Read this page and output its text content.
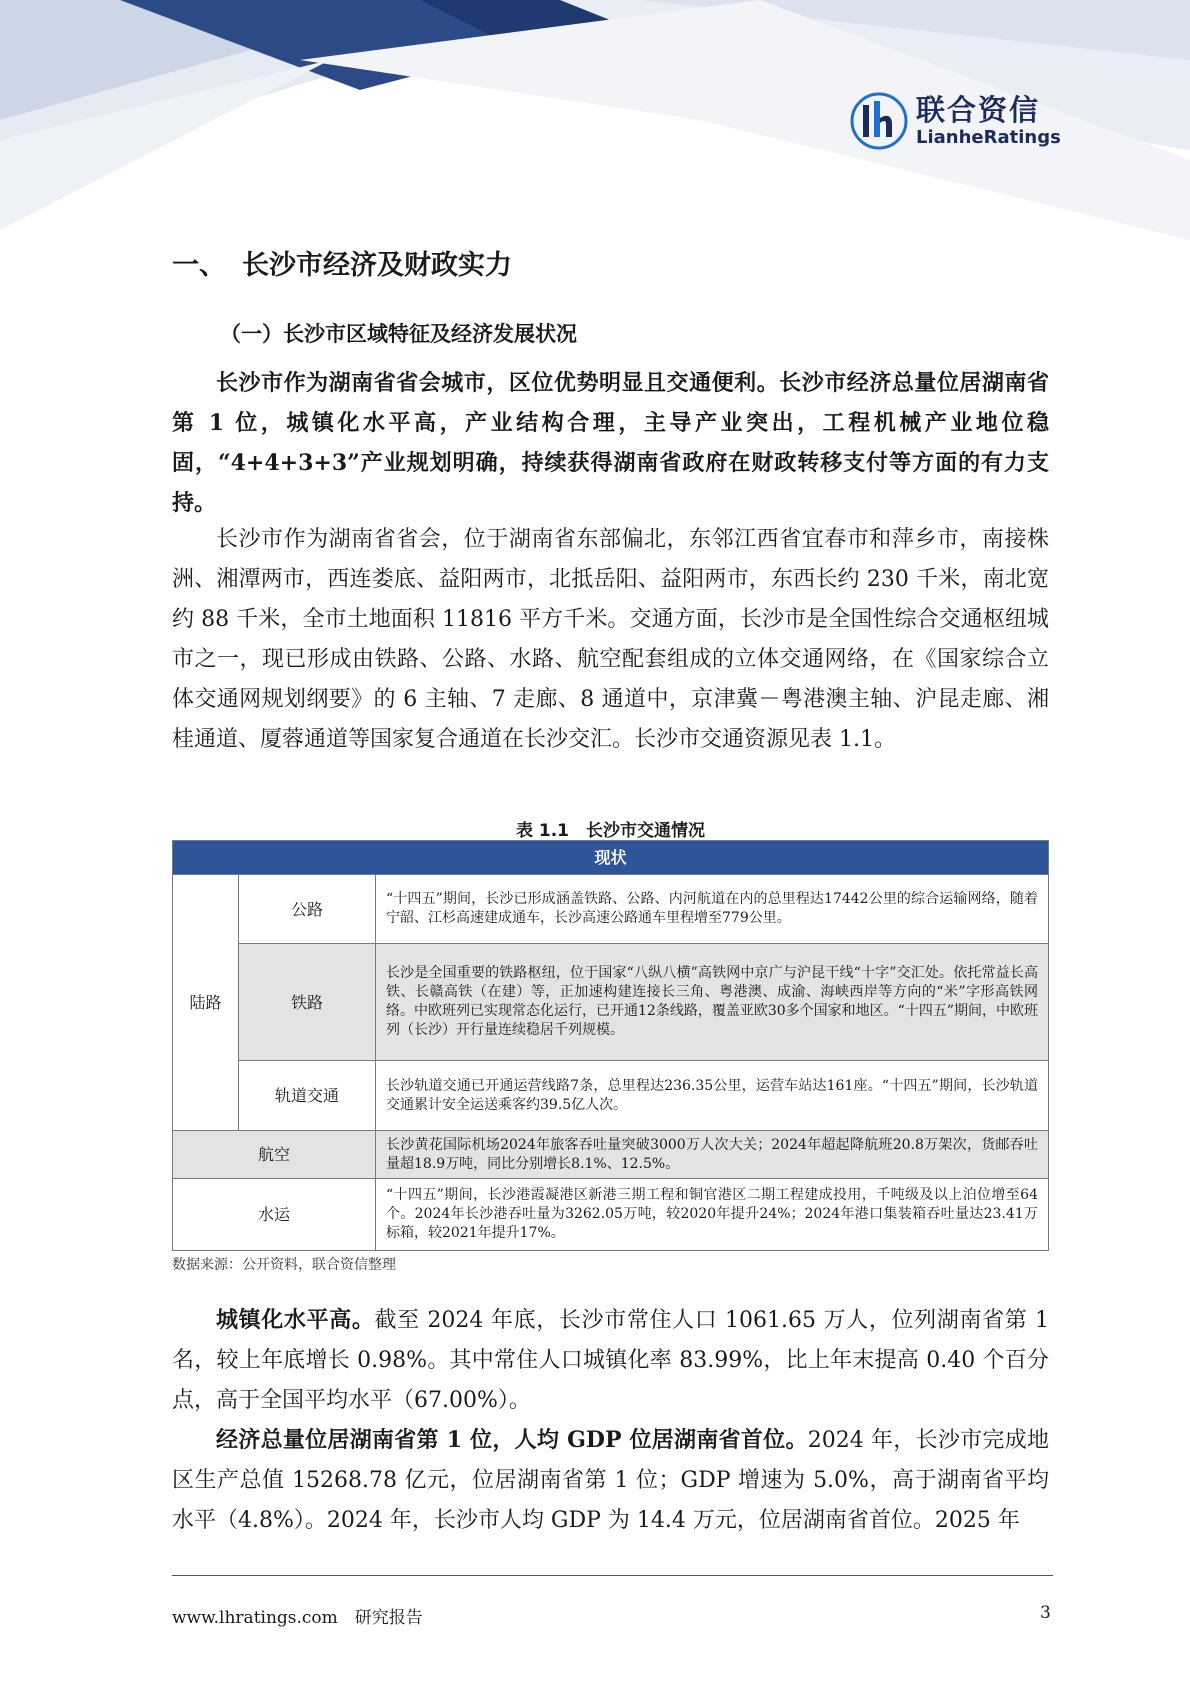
联合资信
LianheRatings
一、 长沙市经济及财政实力
（一）长沙市区域特征及经济发展状况

长沙市作为湖南省省会城市，区位优势明显且交通便利。长沙市经济总量位居湖南省第 1 位，城镇化水平高，产业结构合理，主导产业突出，工程机械产业地位稳固，“4+4+3+3”产业规划明确，持续获得湖南省政府在财政转移支付等方面的有力支持。

长沙市作为湖南省省会，位于湖南省东部偏北，东邻江西省宜春市和萍乡市，南接株洲、湘潭两市，西连娄底、益阳两市，北抵岳阳、益阳两市，东西长约 230 千米，南北宽约 88 千米，全市土地面积 11816 平方千米。交通方面，长沙市是全国性综合交通枢纽城市之一，现已形成由铁路、公路、水路、航空配套组成的立体交通网络，在《国家综合立体交通网规划纲要》的 6 主轴、7 走廊、8 通道中，京津冀－粤港澳主轴、沪昆走廊、湘桂通道、厦蓉通道等国家复合通道在长沙交汇。长沙市交通资源见表 1.1。

表 1.1　长沙市交通情况
现状		
陆路	公路	“十四五”期间，长沙已形成涵盖铁路、公路、内河航道在内的总里程达17442公里的综合运输网络，随着宁韶、江杉高速建成通车，长沙高速公路通车里程增至779公里。
	铁路	长沙是全国重要的铁路枢纽，位于国家“八纵八横”高铁网中京广与沪昆干线“十字”交汇处。依托常益长高铁、长赣高铁（在建）等，正加速构建连接长三角、粤港澳、成渝、海峡西岸等方向的“米”字形高铁网络。中欧班列已实现常态化运行，已开通12条线路，覆盖亚欧30多个国家和地区。“十四五”期间，中欧班列（长沙）开行量连续稳居千列规模。
	轨道交通	长沙轨道交通已开通运营线路7条，总里程达236.35公里，运营车站达161座。“十四五”期间，长沙轨道交通累计安全运送乘客约39.5亿人次。
航空		长沙黄花国际机场2024年旅客吞吐量突破3000万人次大关；2024年超起降航班20.8万架次，货邮吞吐量超18.9万吨，同比分别增长8.1%、12.5%。
水运		“十四五”期间，长沙港霞凝港区新港三期工程和铜官港区二期工程建成投用，千吨级及以上泊位增至64个。2024年长沙港吞吐量为3262.05万吨，较2020年提升24%；2024年港口集装箱吞吐量达23.41万标箱，较2021年提升17%。
数据来源：公开资料，联合资信整理

城镇化水平高。截至 2024 年底，长沙市常住人口 1061.65 万人，位列湖南省第 1 名，较上年底增长 0.98%。其中常住人口城镇化率 83.99%，比上年末提高 0.40 个百分点，高于全国平均水平（67.00%）。

经济总量位居湖南省第 1 位，人均 GDP 位居湖南省首位。2024 年，长沙市完成地区生产总值 15268.78 亿元，位居湖南省第 1 位；GDP 增速为 5.0%，高于湖南省平均水平（4.8%）。2024 年，长沙市人均 GDP 为 14.4 万元，位居湖南省首位。2025 年

www.lhratings.com　研究报告	3
